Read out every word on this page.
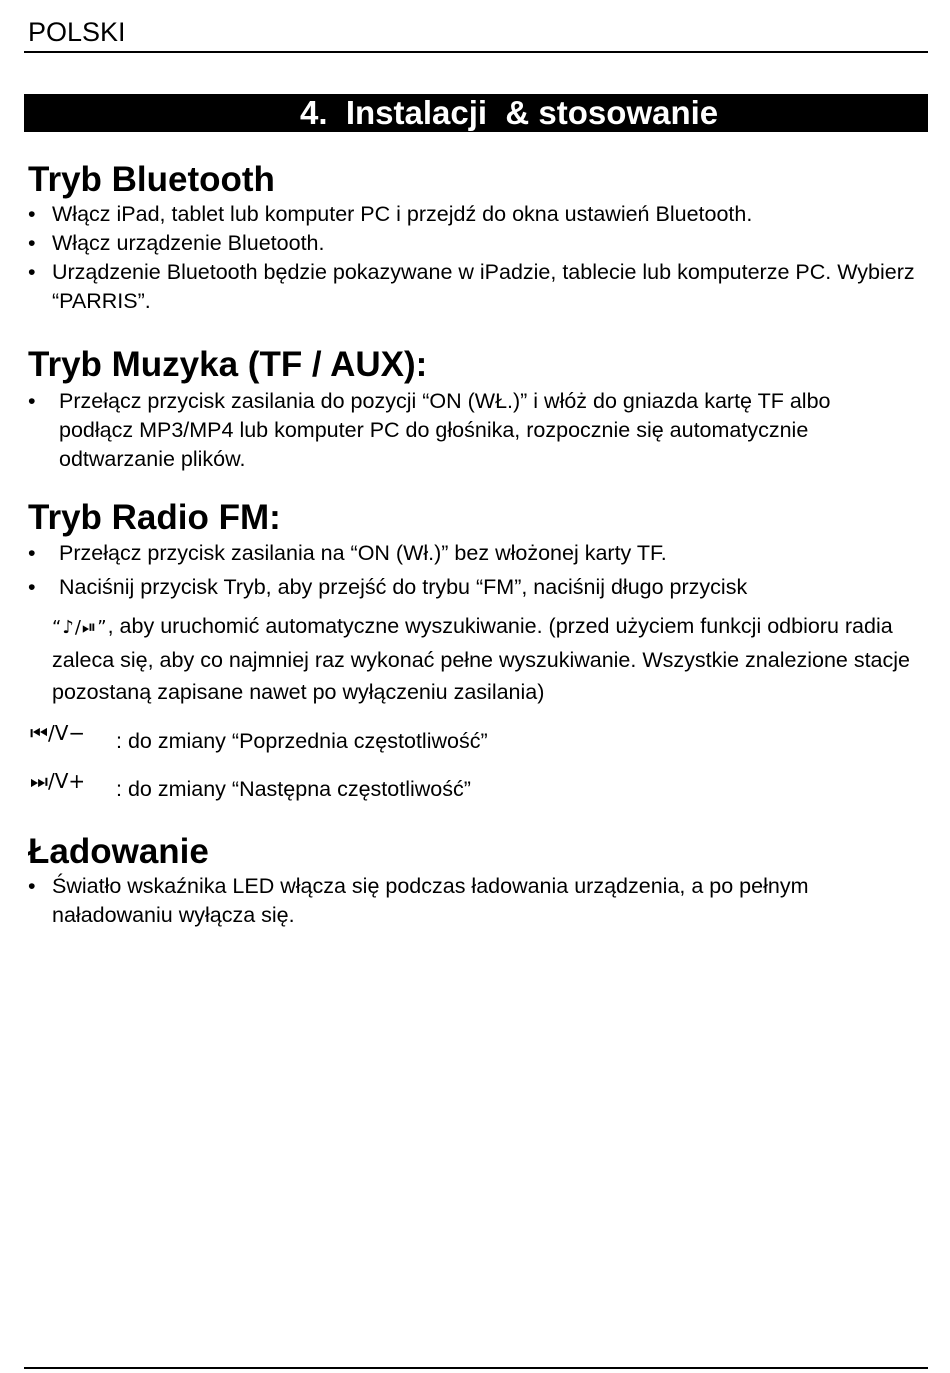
POLSKI
4.  Instalacji  & stosowanie
Tryb Bluetooth
• Włącz iPad, tablet lub komputer PC i przejdź do okna ustawień Bluetooth.
• Włącz urządzenie Bluetooth.
• Urządzenie Bluetooth będzie pokazywane w iPadzie, tablecie lub komputerze PC. Wybierz “PARRIS”.
Tryb Muzyka (TF / AUX):
• Przełącz przycisk zasilania do pozycji “ON (WŁ.)” i włóż do gniazda kartę TF albo podłącz MP3/MP4 lub komputer PC do głośnika, rozpocznie się automatycznie odtwarzanie plików.
Tryb Radio FM:
• Przełącz przycisk zasilania na “ON (Wł.)” bez włożonej karty TF.
• Naciśnij przycisk Tryb, aby przejść do trybu “FM”, naciśnij długo przycisk
“♪/⏯”, aby uruchomić automatyczne wyszukiwanie. (przed użyciem funkcji odbioru radia zaleca się, aby co najmniej raz wykonać pełne wyszukiwanie. Wszystkie znalezione stacje pozostaną zapisane nawet po wyłączeniu zasilania)
⏮/V− : do zmiany “Poprzednia częstotliwość”
⏭/V+ : do zmiany “Następna częstotliwość”
Ładowanie
• Światło wskaźnika LED włącza się podczas ładowania urządzenia, a po pełnym naładowaniu wyłącza się.
